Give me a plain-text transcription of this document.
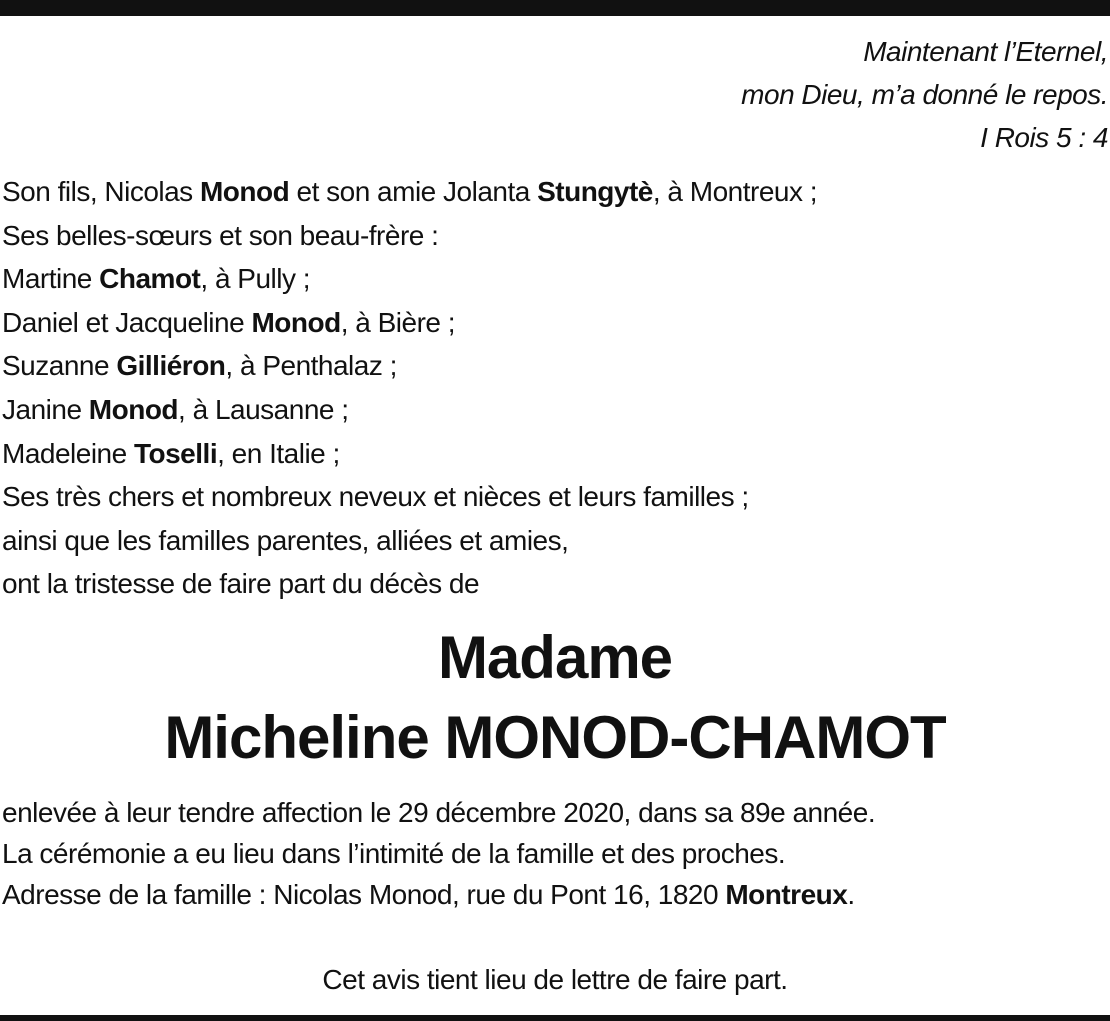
Maintenant l’Eternel,
mon Dieu, m’a donné le repos.
I Rois 5 : 4
Son fils, Nicolas Monod et son amie Jolanta Stungytè, à Montreux ;
Ses belles-sœurs et son beau-frère :
Martine Chamot, à Pully ;
Daniel et Jacqueline Monod, à Bière ;
Suzanne Gilliéron, à Penthalaz ;
Janine Monod, à Lausanne ;
Madeleine Toselli, en Italie ;
Ses très chers et nombreux neveux et nièces et leurs familles ;
ainsi que les familles parentes, alliées et amies,
ont la tristesse de faire part du décès de
Madame
Micheline MONOD-CHAMOT
enlevée à leur tendre affection le 29 décembre 2020, dans sa 89e année.
La cérémonie a eu lieu dans l’intimité de la famille et des proches.
Adresse de la famille : Nicolas Monod, rue du Pont 16, 1820 Montreux.
Cet avis tient lieu de lettre de faire part.
